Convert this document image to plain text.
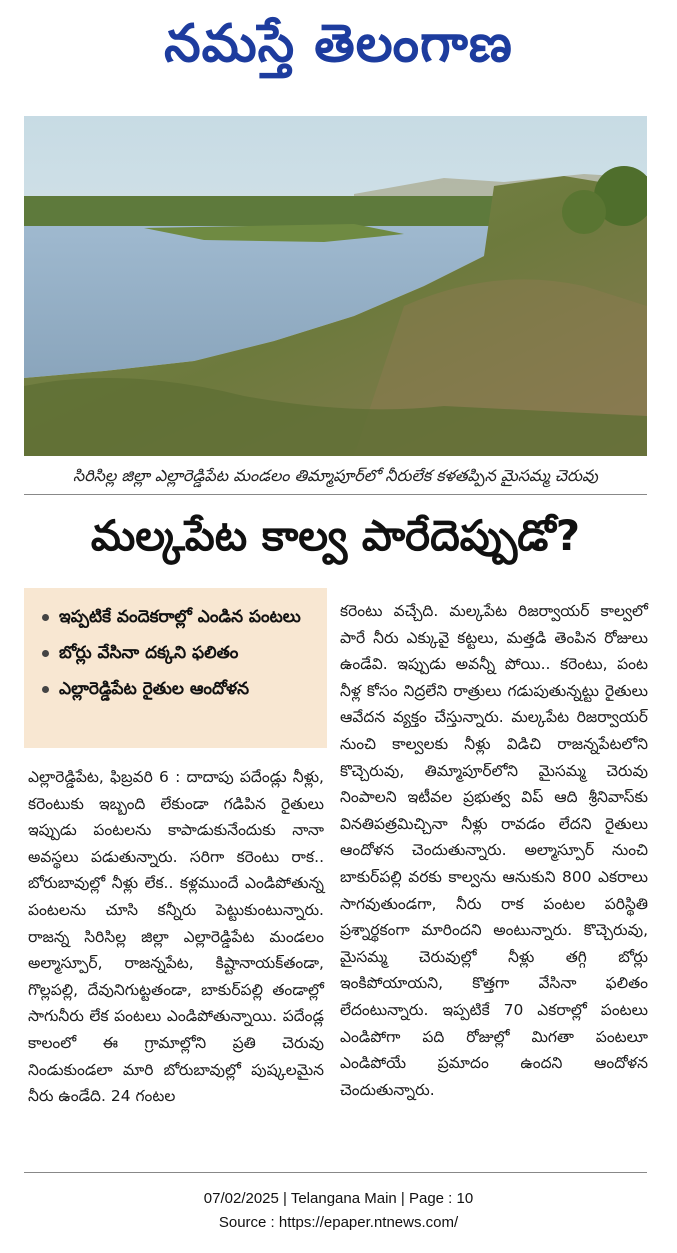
నమస్తే తెలంగాణ
సిరిసిల్ల జిల్లా ఎల్లారెడ్డిపేట మండలం తిమ్మాపూర్‌లో నీరులేక కళతప్పిన మైసమ్మ చెరువు
మల్కపేట కాల్వ పారేదెప్పుడో?
ఇప్పటికే వందెకరాల్లో ఎండిన పంటలు
బోర్లు వేసినా దక్కని ఫలితం
ఎల్లారెడ్డిపేట రైతుల ఆందోళన

ఎల్లారెడ్డిపేట, ఫిబ్రవరి 6 : దాదాపు పదేండ్లు నీళ్లు, కరెంటుకు ఇబ్బంది లేకుండా గడిపిన రైతులు ఇప్పుడు పంటలను కాపాడుకునేందుకు నానా అవస్థలు పడుతున్నారు. సరిగా కరెంటు రాక.. బోరుబావుల్లో నీళ్లు లేక.. కళ్లముందే ఎండిపోతున్న పంటలను చూసి కన్నీరు పెట్టుకుంటున్నారు. రాజన్న సిరిసిల్ల జిల్లా ఎల్లారెడ్డిపేట మండలం అల్మాస్పూర్, రాజన్నపేట, కిష్టానాయక్‌తండా, గొల్లపల్లి, దేవునిగుట్టతండా, బాకుర్‌పల్లి తండాల్లో సాగునీరు లేక పంటలు ఎండిపోతున్నాయి. పదేండ్ల కాలంలో ఈ గ్రామాల్లోని ప్రతి చెరువు నిండుకుండలా మారి బోరుబావుల్లో పుష్కలమైన నీరు ఉండేది. 24 గంటల

కరెంటు వచ్చేది. మల్కపేట రిజర్వాయర్ కాల్వలో పారే నీరు ఎక్కువై కట్టలు, మత్తడి తెంపిన రోజులు ఉండేవి. ఇప్పుడు అవన్నీ పోయి.. కరెంటు, పంట నీళ్ల కోసం నిద్రలేని రాత్రులు గడుపుతున్నట్టు రైతులు ఆవేదన వ్యక్తం చేస్తున్నారు. మల్కపేట రిజర్వాయర్ నుంచి కాల్వలకు నీళ్లు విడిచి రాజన్నపేటలోని కొచ్చెరువు, తిమ్మాపూర్‌లోని మైసమ్మ చెరువు నింపాలని ఇటీవల ప్రభుత్వ విప్ ఆది శ్రీనివాస్‌కు వినతిపత్రమిచ్చినా నీళ్లు రావడం లేదని రైతులు ఆందోళన చెందుతున్నారు. అల్మాస్పూర్ నుంచి బాకుర్‌పల్లి వరకు కాల్వను ఆనుకుని 800 ఎకరాలు సాగవుతుండగా, నీరు రాక పంటల పరిస్థితి ప్రశ్నార్థకంగా మారిందని అంటున్నారు. కొచ్చెరువు, మైసమ్మ చెరువుల్లో నీళ్లు తగ్గి బోర్లు ఇంకిపోయాయని, కొత్తగా వేసినా ఫలితం లేదంటున్నారు. ఇప్పటికే 70 ఎకరాల్లో పంటలు ఎండిపోగా పది రోజుల్లో మిగతా పంటలూ ఎండిపోయే ప్రమాదం ఉందని ఆందోళన చెందుతున్నారు.

07/02/2025 | Telangana Main | Page : 10
Source : https://epaper.ntnews.com/
